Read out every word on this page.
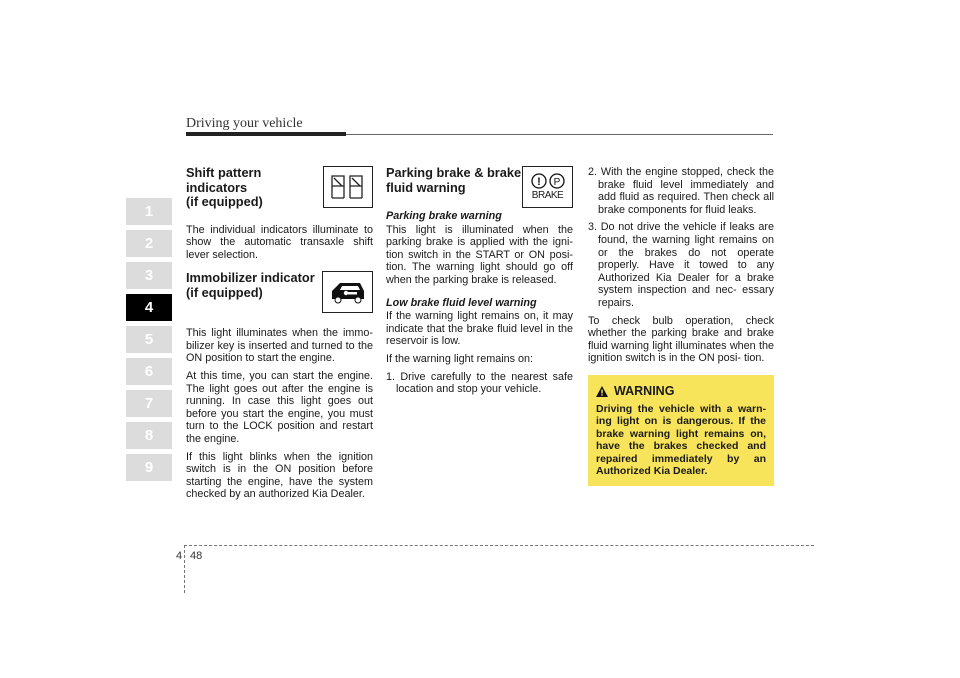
Driving your vehicle
1
2
3
4
5
6
7
8
9
Shift pattern indicators
(if equipped)

The individual indicators illuminate to show the automatic transaxle shift lever selection.

Immobilizer indicator
(if equipped)

This light illuminates when the immo- bilizer key is inserted and turned to the ON position to start the engine.

At this time, you can start the engine. The light goes out after the engine is running. In case this light goes out before you start the engine, you must turn to the LOCK position and restart the engine.

If this light blinks when the ignition switch is in the ON position before starting the engine, have the system checked by an authorized Kia Dealer.

Parking brake & brake
fluid warning	! P
BRAKE
Parking brake warning

This light is illuminated when the parking brake is applied with the igni- tion switch in the START or ON posi- tion. The warning light should go off when the parking brake is released.

Low brake fluid level warning

If the warning light remains on, it may indicate that the brake fluid level in the reservoir is low.

If the warning light remains on:

1. Drive carefully to the nearest safe location and stop your vehicle.
2. With the engine stopped, check the brake fluid level immediately and add fluid as required. Then check all brake components for fluid leaks.
3. Do not drive the vehicle if leaks are found, the warning light remains on or the brakes do not operate properly. Have it towed to any Authorized Kia Dealer for a brake system inspection and nec- essary repairs.

To check bulb operation, check whether the parking brake and brake fluid warning light illuminates when the ignition switch is in the ON posi- tion.

WARNING
Driving the vehicle with a warn- ing light on is dangerous. If the brake warning light remains on, have the brakes checked and repaired immediately by an Authorized Kia Dealer.
4 48
